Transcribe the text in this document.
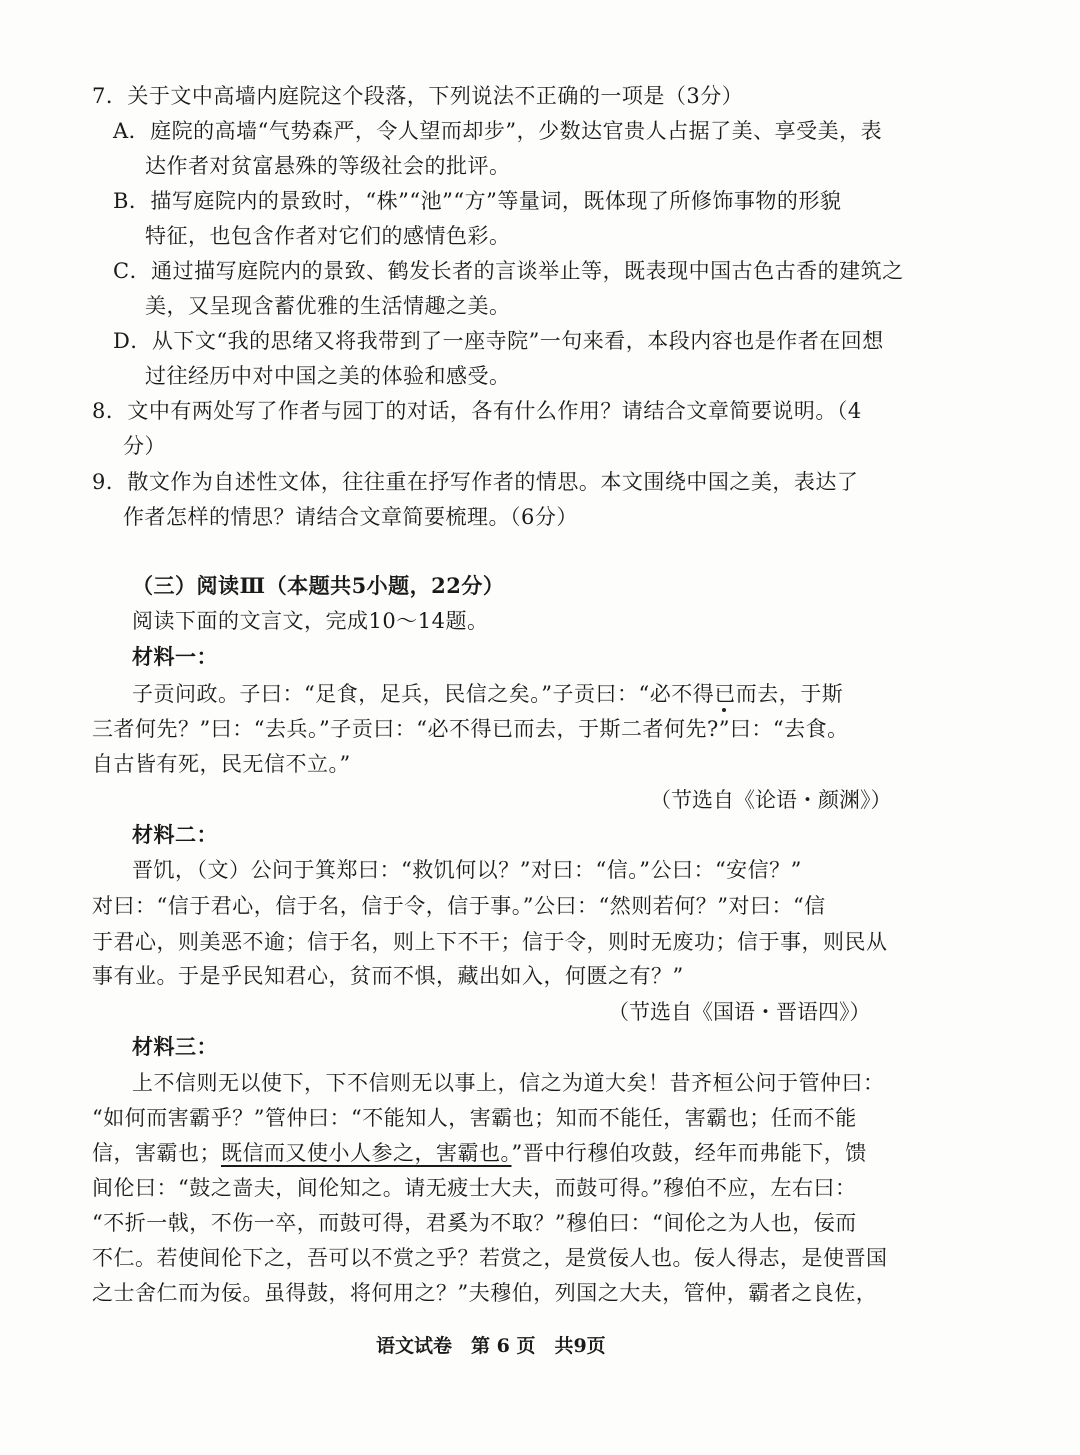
7．关于文中高墙内庭院这个段落，下列说法不正确的一项是（3分）
A．庭院的高墙“气势森严，令人望而却步”，少数达官贵人占据了美、享受美，表
达作者对贫富悬殊的等级社会的批评。
B．描写庭院内的景致时，“株”“池”“方”等量词，既体现了所修饰事物的形貌
特征，也包含作者对它们的感情色彩。
C．通过描写庭院内的景致、鹤发长者的言谈举止等，既表现中国古色古香的建筑之
美，又呈现含蓄优雅的生活情趣之美。
D．从下文“我的思绪又将我带到了一座寺院”一句来看，本段内容也是作者在回想
过往经历中对中国之美的体验和感受。
8．文中有两处写了作者与园丁的对话，各有什么作用？请结合文章简要说明。（4
分）
9．散文作为自述性文体，往往重在抒写作者的情思。本文围绕中国之美，表达了
作者怎样的情思？请结合文章简要梳理。（6分）
（三）阅读Ⅲ（本题共5小题，22分）
阅读下面的文言文，完成10～14题。
材料一：
子贡问政。子曰：“足食，足兵，民信之矣。”子贡曰：“必不得已而去，于斯
三者何先？”曰：“去兵。”子贡曰：“必不得已而去，于斯二者何先?”曰：“去食。
自古皆有死，民无信不立。”
（节选自《论语・颜渊》）
材料二：
晋饥，（文）公问于箕郑曰：“救饥何以？”对曰：“信。”公曰：“安信？”
对曰：“信于君心，信于名，信于令，信于事。”公曰：“然则若何？”对曰：“信
于君心，则美恶不逾；信于名，则上下不干；信于令，则时无废功；信于事，则民从
事有业。于是乎民知君心，贫而不惧，藏出如入，何匮之有？”
（节选自《国语・晋语四》）
材料三：
上不信则无以使下，下不信则无以事上，信之为道大矣！昔齐桓公问于管仲曰：
“如何而害霸乎？”管仲曰：“不能知人，害霸也；知而不能任，害霸也；任而不能
信，害霸也；既信而又使小人参之，害霸也。”晋中行穆伯攻鼓，经年而弗能下，馈
间伦曰：“鼓之啬夫，间伦知之。请无疲士大夫，而鼓可得。”穆伯不应，左右曰：
“不折一戟，不伤一卒，而鼓可得，君奚为不取？”穆伯曰：“间伦之为人也，佞而
不仁。若使间伦下之，吾可以不赏之乎？若赏之，是赏佞人也。佞人得志，是使晋国
之士舍仁而为佞。虽得鼓，将何用之？”夫穆伯，列国之大夫，管仲，霸者之良佐，
语文试卷　第 6 页　共9页
